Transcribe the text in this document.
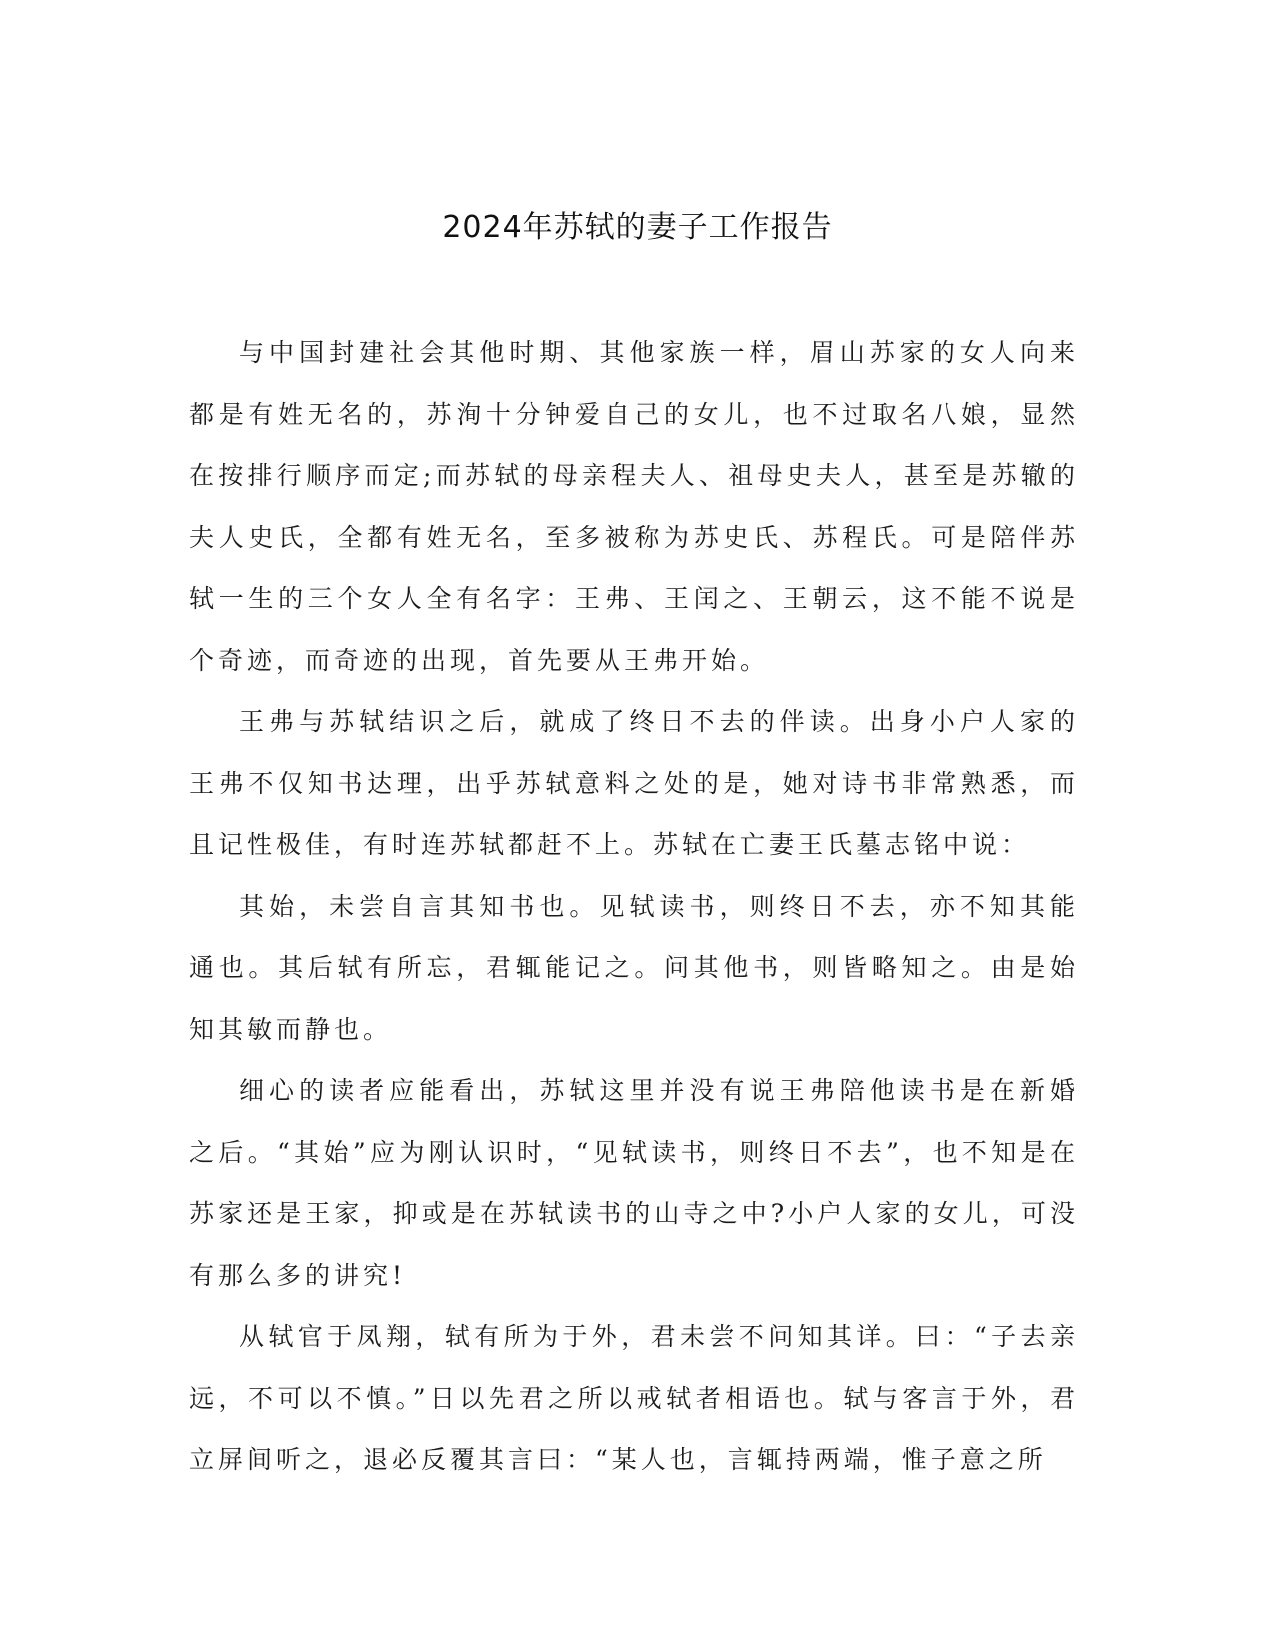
2024年苏轼的妻子工作报告

与中国封建社会其他时期、其他家族一样，眉山苏家的女人向来都是有姓无名的，苏洵十分钟爱自己的女儿，也不过取名八娘，显然在按排行顺序而定;而苏轼的母亲程夫人、祖母史夫人，甚至是苏辙的夫人史氏，全都有姓无名，至多被称为苏史氏、苏程氏。可是陪伴苏轼一生的三个女人全有名字：王弗、王闰之、王朝云，这不能不说是个奇迹，而奇迹的出现，首先要从王弗开始。

王弗与苏轼结识之后，就成了终日不去的伴读。出身小户人家的王弗不仅知书达理，出乎苏轼意料之处的是，她对诗书非常熟悉，而且记性极佳，有时连苏轼都赶不上。苏轼在亡妻王氏墓志铭中说：

其始，未尝自言其知书也。见轼读书，则终日不去，亦不知其能通也。其后轼有所忘，君辄能记之。问其他书，则皆略知之。由是始知其敏而静也。

细心的读者应能看出，苏轼这里并没有说王弗陪他读书是在新婚之后。“其始”应为刚认识时，“见轼读书，则终日不去”，也不知是在苏家还是王家，抑或是在苏轼读书的山寺之中?小户人家的女儿，可没有那么多的讲究!

从轼官于凤翔，轼有所为于外，君未尝不问知其详。曰：“子去亲远，不可以不慎。”日以先君之所以戒轼者相语也。轼与客言于外，君立屏间听之，退必反覆其言曰：“某人也，言辄持两端，惟子意之所
